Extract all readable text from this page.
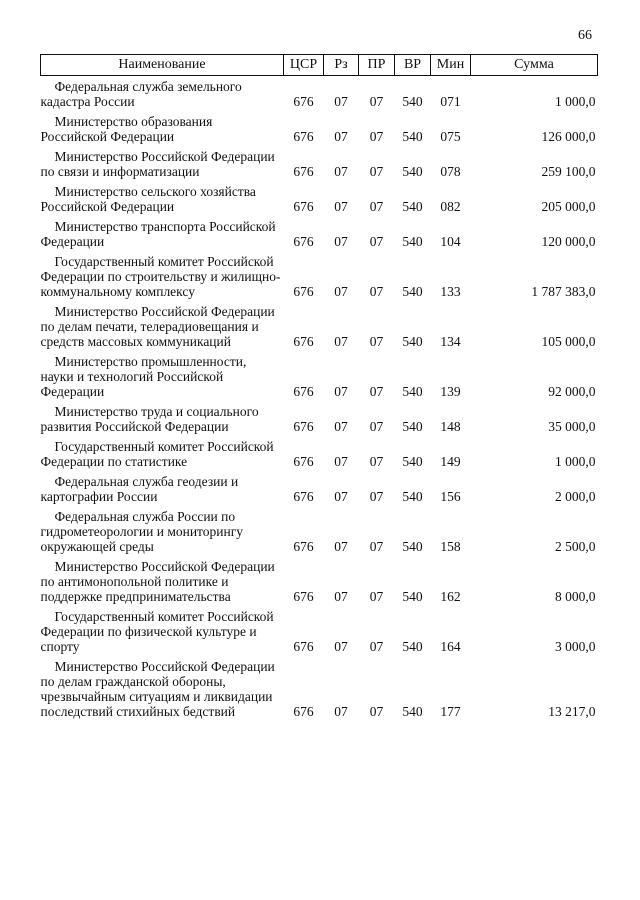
66
Наименование	ЦСР	Рз	ПР	ВР	Мин	Сумма

Федеральная служба земельного кадастра России	676	07	07	540	071	1 000,0

Министерство образования Российской Федерации	676	07	07	540	075	126 000,0

Министерство Российской Федерации по связи и информатизации	676	07	07	540	078	259 100,0

Министерство сельского хозяйства Российской Федерации	676	07	07	540	082	205 000,0

Министерство транспорта Российской Федерации	676	07	07	540	104	120 000,0

Государственный комитет Российской Федерации по строительству и жилищно-коммунальному комплексу	676	07	07	540	133	1 787 383,0

Министерство Российской Федерации по делам печати, телерадиовещания и средств массовых коммуникаций	676	07	07	540	134	105 000,0

Министерство промышленности, науки и технологий Российской Федерации	676	07	07	540	139	92 000,0

Министерство труда и социального развития Российской Федерации	676	07	07	540	148	35 000,0

Государственный комитет Российской Федерации по статистике	676	07	07	540	149	1 000,0

Федеральная служба геодезии и картографии России	676	07	07	540	156	2 000,0

Федеральная служба России по гидрометеорологии и мониторингу окружающей среды	676	07	07	540	158	2 500,0

Министерство Российской Федерации по антимонопольной политике и поддержке предпринимательства	676	07	07	540	162	8 000,0

Государственный комитет Российской Федерации по физической культуре и спорту	676	07	07	540	164	3 000,0

Министерство Российской Федерации по делам гражданской обороны, чрезвычайным ситуациям и ликвидации последствий стихийных бедствий	676	07	07	540	177	13 217,0
